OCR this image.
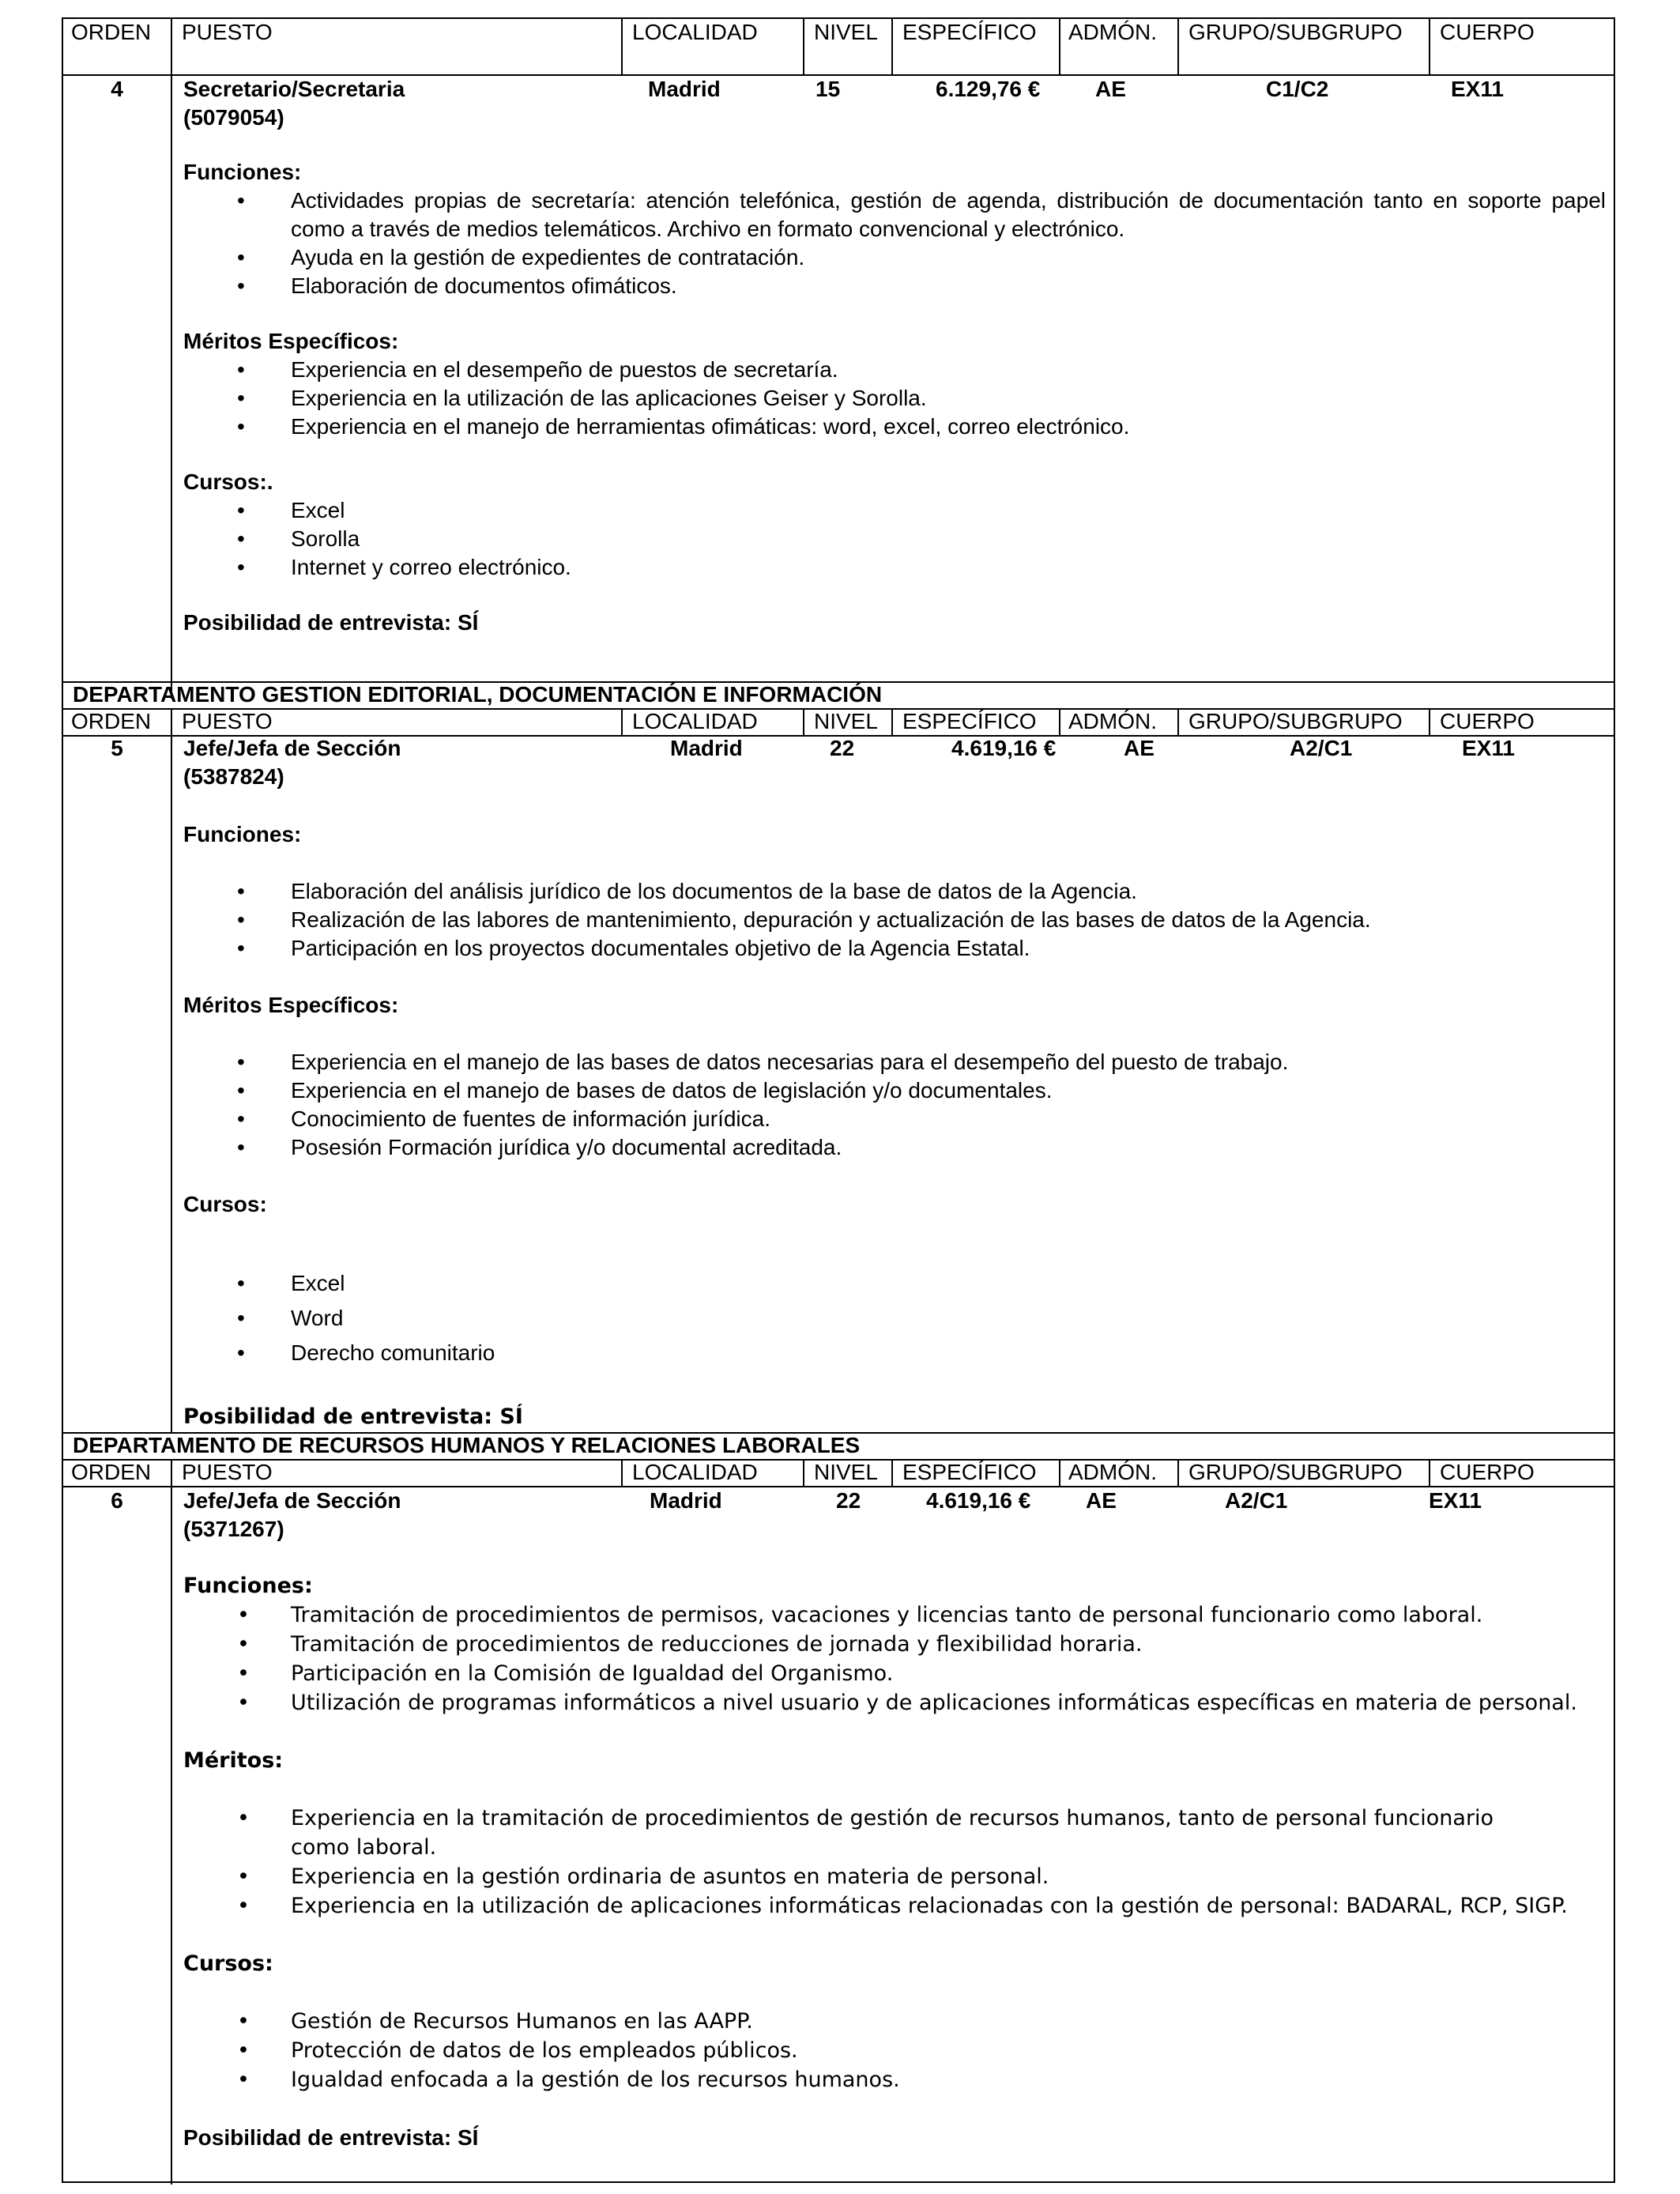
ORDEN PUESTO	LOCALIDAD	NIVEL ESPECÍFICO ADMÓN. GRUPO/SUBGRUPO CUERPO
4	Secretario/Secretaria
(5079054)
Madrid	15	6.129,76 € AE	C1/C2	EX11

Funciones:

• Actividades propias de secretaría: atención telefónica, gestión de agenda, distribución de documentación tanto en soporte papel como a través de medios telemáticos. Archivo en formato convencional y electrónico.
• Ayuda en la gestión de expedientes de contratación.
• Elaboración de documentos ofimáticos.

Méritos Específicos:

• Experiencia en el desempeño de puestos de secretaría.
• Experiencia en la utilización de las aplicaciones Geiser y Sorolla.
• Experiencia en el manejo de herramientas ofimáticas: word, excel, correo electrónico.

Cursos:.

• Excel
• Sorolla
• Internet y correo electrónico.

Posibilidad de entrevista: SÍ

DEPARTAMENTO GESTION EDITORIAL, DOCUMENTACIÓN E INFORMACIÓN
ORDEN PUESTO	LOCALIDAD	NIVEL ESPECÍFICO ADMÓN. GRUPO/SUBGRUPO CUERPO
5	Jefe/Jefa de Sección
(5387824)
Madrid	22	4.619,16 €	AE	A2/C1	EX11

Funciones:

• Elaboración del análisis jurídico de los documentos de la base de datos de la Agencia.
• Realización de las labores de mantenimiento, depuración y actualización de las bases de datos de la Agencia.
• Participación en los proyectos documentales objetivo de la Agencia Estatal.

Méritos Específicos:

• Experiencia en el manejo de las bases de datos necesarias para el desempeño del puesto de trabajo.
• Experiencia en el manejo de bases de datos de legislación y/o documentales.
• Conocimiento de fuentes de información jurídica.
• Posesión Formación jurídica y/o documental acreditada.

Cursos:

• Excel
• Word
• Derecho comunitario

Posibilidad de entrevista: SÍ

DEPARTAMENTO DE RECURSOS HUMANOS Y RELACIONES LABORALES
ORDEN PUESTO	LOCALIDAD	NIVEL ESPECÍFICO ADMÓN. GRUPO/SUBGRUPO CUERPO
6	Jefe/Jefa de Sección
(5371267)
Madrid	22	4.619,16 € AE	A2/C1	EX11

Funciones:

• Tramitación de procedimientos de permisos, vacaciones y licencias tanto de personal funcionario como laboral.
• Tramitación de procedimientos de reducciones de jornada y flexibilidad horaria.
• Participación en la Comisión de Igualdad del Organismo.
• Utilización de programas informáticos a nivel usuario y de aplicaciones informáticas específicas en materia de personal.

Méritos:

• Experiencia en la tramitación de procedimientos de gestión de recursos humanos, tanto de personal funcionario como laboral.
• Experiencia en la gestión ordinaria de asuntos en materia de personal.
• Experiencia en la utilización de aplicaciones informáticas relacionadas con la gestión de personal: BADARAL, RCP, SIGP.

Cursos:

• Gestión de Recursos Humanos en las AAPP.
• Protección de datos de los empleados públicos.
• Igualdad enfocada a la gestión de los recursos humanos.

Posibilidad de entrevista: SÍ
